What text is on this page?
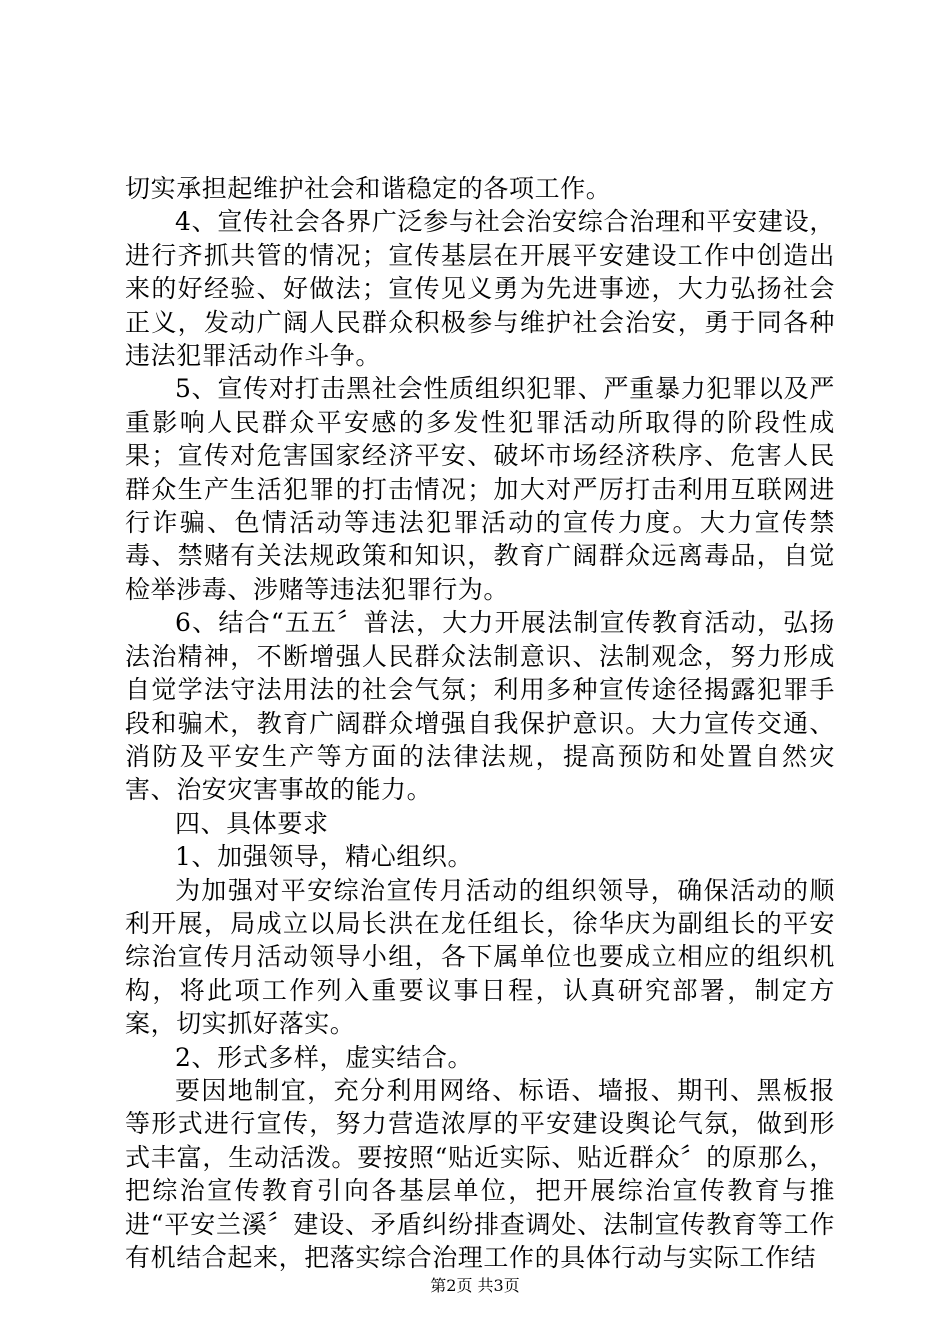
切实承担起维护社会和谐稳定的各项工作。

4、宣传社会各界广泛参与社会治安综合治理和平安建设，进行齐抓共管的情况；宣传基层在开展平安建设工作中创造出来的好经验、好做法；宣传见义勇为先进事迹，大力弘扬社会正义，发动广阔人民群众积极参与维护社会治安，勇于同各种违法犯罪活动作斗争。

5、宣传对打击黑社会性质组织犯罪、严重暴力犯罪以及严重影响人民群众平安感的多发性犯罪活动所取得的阶段性成果；宣传对危害国家经济平安、破坏市场经济秩序、危害人民群众生产生活犯罪的打击情况；加大对严厉打击利用互联网进行诈骗、色情活动等违法犯罪活动的宣传力度。大力宣传禁毒、禁赌有关法规政策和知识，教育广阔群众远离毒品，自觉检举涉毒、涉赌等违法犯罪行为。

6、结合“五五〞普法，大力开展法制宣传教育活动，弘扬法治精神，不断增强人民群众法制意识、法制观念，努力形成自觉学法守法用法的社会气氛；利用多种宣传途径揭露犯罪手段和骗术，教育广阔群众增强自我保护意识。大力宣传交通、消防及平安生产等方面的法律法规，提高预防和处置自然灾害、治安灾害事故的能力。

四、具体要求

1、加强领导，精心组织。

为加强对平安综治宣传月活动的组织领导，确保活动的顺利开展，局成立以局长洪在龙任组长，徐华庆为副组长的平安综治宣传月活动领导小组，各下属单位也要成立相应的组织机构，将此项工作列入重要议事日程，认真研究部署，制定方案，切实抓好落实。

2、形式多样，虚实结合。

要因地制宜，充分利用网络、标语、墙报、期刊、黑板报等形式进行宣传，努力营造浓厚的平安建设舆论气氛，做到形式丰富，生动活泼。要按照“贴近实际、贴近群众〞的原那么，把综治宣传教育引向各基层单位，把开展综治宣传教育与推进“平安兰溪〞建设、矛盾纠纷排查调处、法制宣传教育等工作有机结合起来，把落实综合治理工作的具体行动与实际工作结

第2页 共3页
